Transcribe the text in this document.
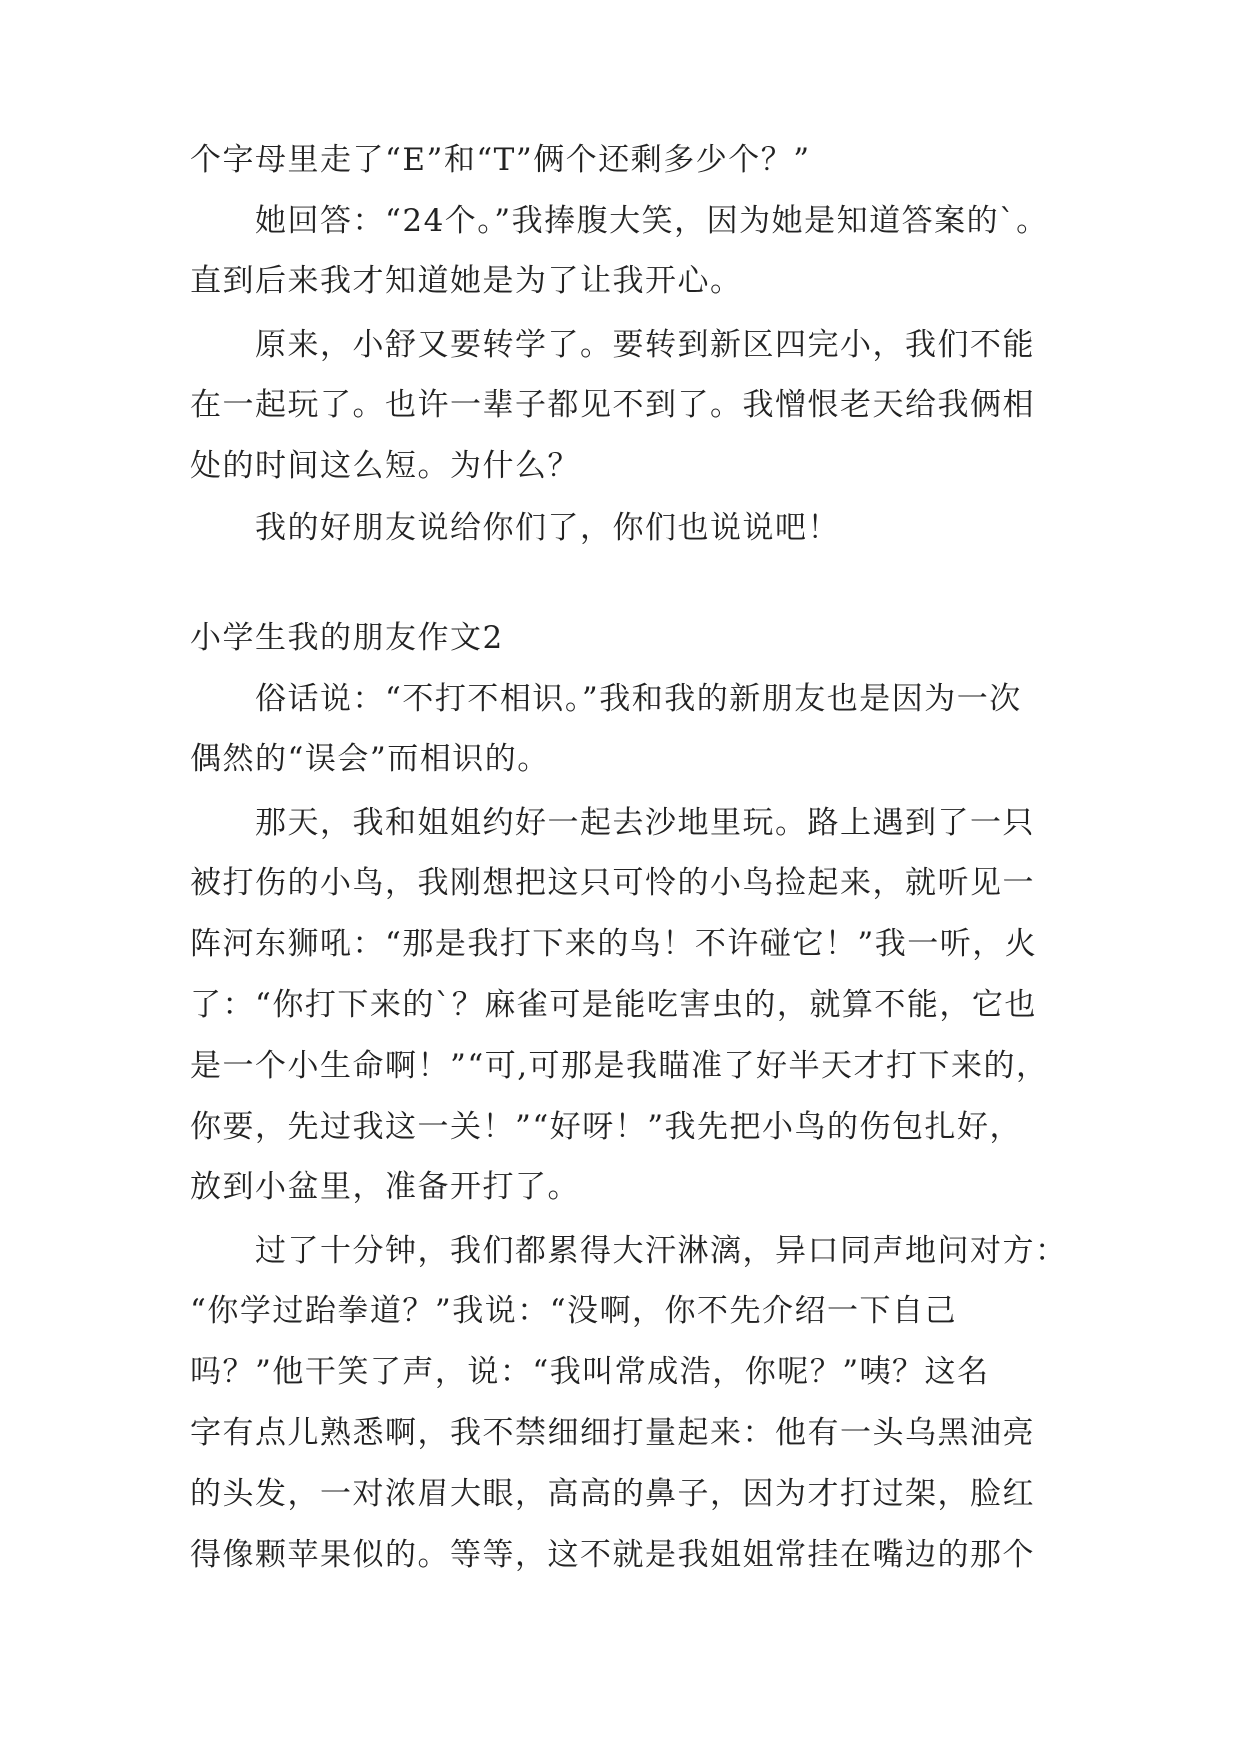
个字母里走了“E”和“T”俩个还剩多少个？”
她回答：“24个。”我捧腹大笑，因为她是知道答案的`。
直到后来我才知道她是为了让我开心。
原来，小舒又要转学了。要转到新区四完小，我们不能
在一起玩了。也许一辈子都见不到了。我憎恨老天给我俩相
处的时间这么短。为什么？
我的好朋友说给你们了，你们也说说吧！
小学生我的朋友作文2
俗话说：“不打不相识。”我和我的新朋友也是因为一次
偶然的“误会”而相识的。
那天，我和姐姐约好一起去沙地里玩。路上遇到了一只
被打伤的小鸟，我刚想把这只可怜的小鸟捡起来，就听见一
阵河东狮吼：“那是我打下来的鸟！不许碰它！”我一听，火
了：“你打下来的`？麻雀可是能吃害虫的，就算不能，它也
是一个小生命啊！”“可,可那是我瞄准了好半天才打下来的，
你要，先过我这一关！”“好呀！”我先把小鸟的伤包扎好，
放到小盆里，准备开打了。
过了十分钟，我们都累得大汗淋漓，异口同声地问对方：
“你学过跆拳道？”我说：“没啊，你不先介绍一下自己
吗？”他干笑了声，说：“我叫常成浩，你呢？”咦？这名
字有点儿熟悉啊，我不禁细细打量起来：他有一头乌黑油亮
的头发，一对浓眉大眼，高高的鼻子，因为才打过架，脸红
得像颗苹果似的。等等，这不就是我姐姐常挂在嘴边的那个
